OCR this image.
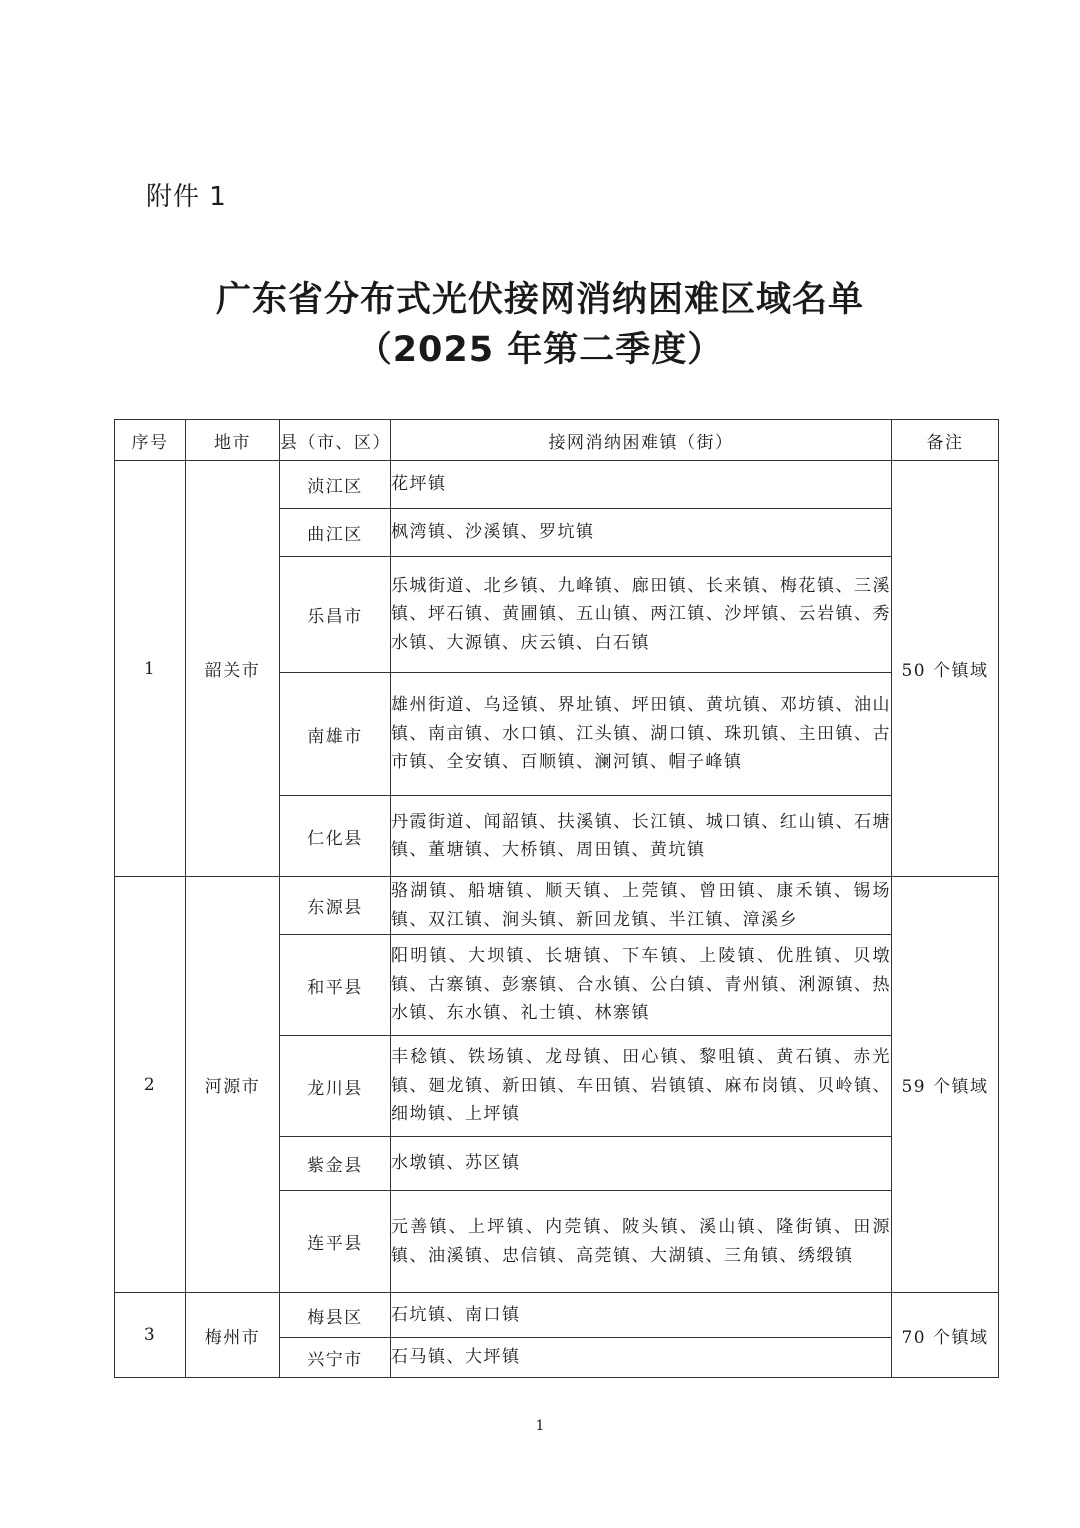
附件 1
广东省分布式光伏接网消纳困难区域名单
（2025 年第二季度）
序号	地市	县（市、区）	接网消纳困难镇（街）	备注
1	韶关市	浈江区	花坪镇	50 个镇域
		曲江区	枫湾镇、沙溪镇、罗坑镇	
		乐昌市	乐城街道、北乡镇、九峰镇、廊田镇、长来镇、梅花镇、三溪镇、坪石镇、黄圃镇、五山镇、两江镇、沙坪镇、云岩镇、秀水镇、大源镇、庆云镇、白石镇	
		南雄市	雄州街道、乌迳镇、界址镇、坪田镇、黄坑镇、邓坊镇、油山镇、南亩镇、水口镇、江头镇、湖口镇、珠玑镇、主田镇、古市镇、全安镇、百顺镇、澜河镇、帽子峰镇	
		仁化县	丹霞街道、闻韶镇、扶溪镇、长江镇、城口镇、红山镇、石塘镇、董塘镇、大桥镇、周田镇、黄坑镇	
2	河源市	东源县	骆湖镇、船塘镇、顺天镇、上莞镇、曾田镇、康禾镇、锡场镇、双江镇、涧头镇、新回龙镇、半江镇、漳溪乡	59 个镇域
		和平县	阳明镇、大坝镇、长塘镇、下车镇、上陵镇、优胜镇、贝墩镇、古寨镇、彭寨镇、合水镇、公白镇、青州镇、浰源镇、热水镇、东水镇、礼士镇、林寨镇	
		龙川县	丰稔镇、铁场镇、龙母镇、田心镇、黎咀镇、黄石镇、赤光镇、廻龙镇、新田镇、车田镇、岩镇镇、麻布岗镇、贝岭镇、细坳镇、上坪镇	
		紫金县	水墩镇、苏区镇	
		连平县	元善镇、上坪镇、内莞镇、陂头镇、溪山镇、隆街镇、田源镇、油溪镇、忠信镇、高莞镇、大湖镇、三角镇、绣缎镇	
3	梅州市	梅县区	石坑镇、南口镇	70 个镇域
		兴宁市	石马镇、大坪镇	
1
